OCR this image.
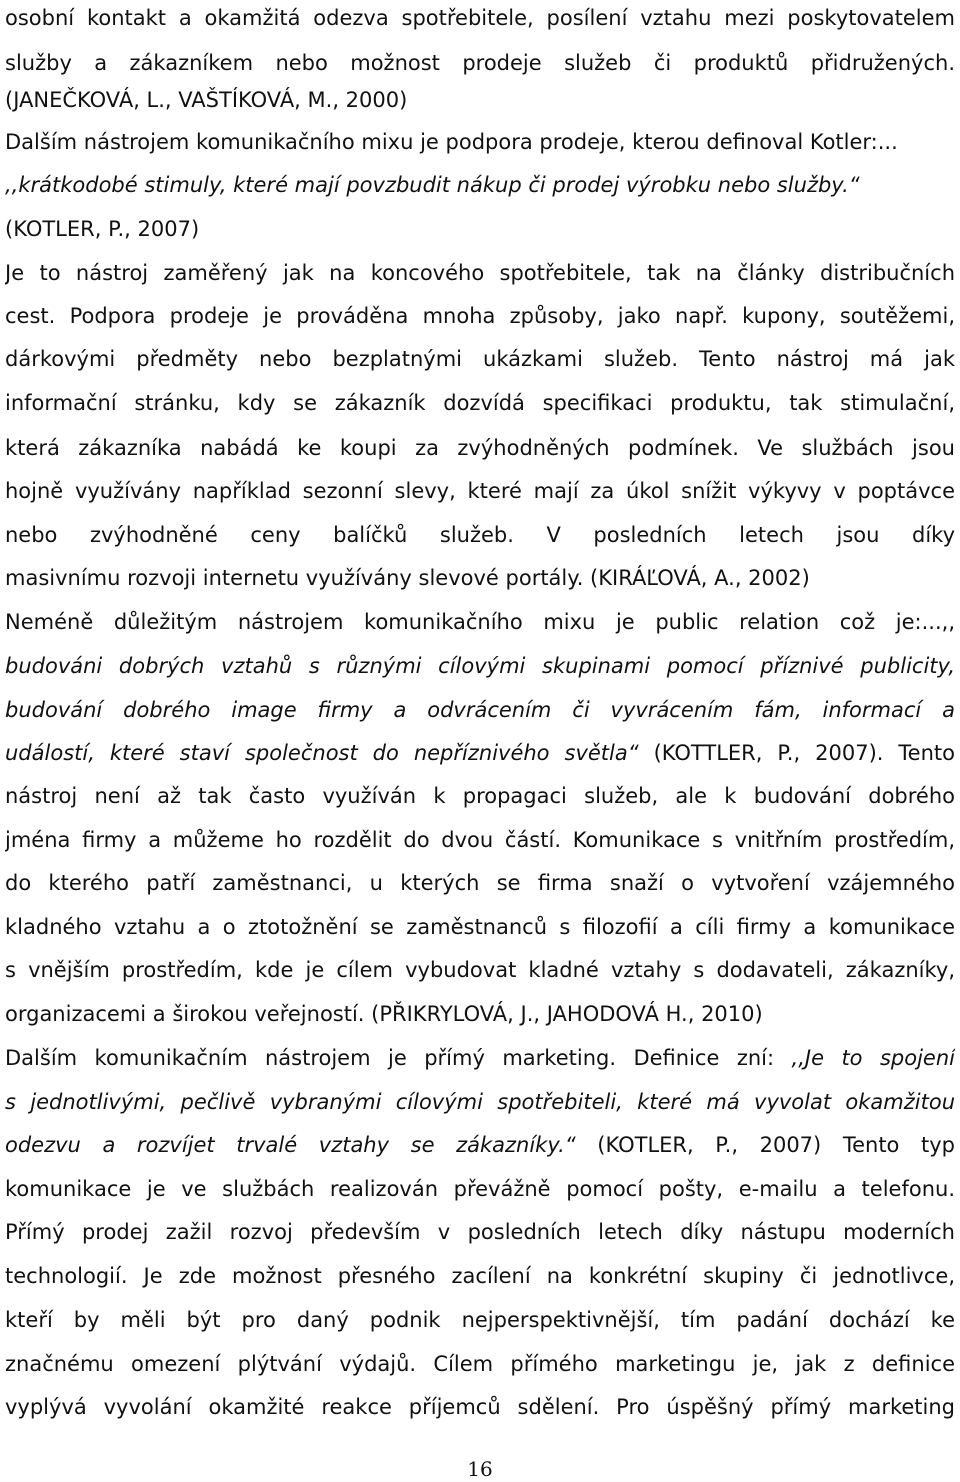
osobní kontakt a okamžitá odezva spotřebitele, posílení vztahu mezi poskytovatelem
služby a zákazníkem nebo možnost prodeje služeb či produktů přidružených.
(JANEČKOVÁ, L., VAŠTÍKOVÁ, M., 2000)
Dalším nástrojem komunikačního mixu je podpora prodeje, kterou definoval Kotler:...
,,krátkodobé stimuly, které mají povzbudit nákup či prodej výrobku nebo služby.“
(KOTLER, P., 2007)
Je to nástroj zaměřený jak na koncového spotřebitele, tak na články distribučních
cest. Podpora prodeje je prováděna mnoha způsoby, jako např. kupony, soutěžemi,
dárkovými předměty nebo bezplatnými ukázkami služeb. Tento nástroj má jak
informační stránku, kdy se zákazník dozvídá specifikaci produktu, tak stimulační,
která zákazníka nabádá ke koupi za zvýhodněných podmínek. Ve službách jsou
hojně využívány například sezonní slevy, které mají za úkol snížit výkyvy v poptávce
nebo zvýhodněné ceny balíčků služeb. V posledních letech jsou díky
masivnímu rozvoji internetu využívány slevové portály. (KIRÁĽOVÁ, A., 2002)
Neméně důležitým nástrojem komunikačního mixu je public relation což je:...,,
budováni dobrých vztahů s různými cílovými skupinami pomocí příznivé publicity,
budování dobrého image firmy a odvrácením či vyvrácením fám, informací a
událostí, které staví společnost do nepříznivého světla“ (KOTTLER, P., 2007). Tento
nástroj není až tak často využíván k propagaci služeb, ale k budování dobrého
jména firmy a můžeme ho rozdělit do dvou částí. Komunikace s vnitřním prostředím,
do kterého patří zaměstnanci, u kterých se firma snaží o vytvoření vzájemného
kladného vztahu a o ztotožnění se zaměstnanců s filozofií a cíli firmy a komunikace
s vnějším prostředím, kde je cílem vybudovat kladné vztahy s dodavateli, zákazníky,
organizacemi a širokou veřejností. (PŘIKRYLOVÁ, J., JAHODOVÁ H., 2010)
Dalším komunikačním nástrojem je přímý marketing. Definice zní: ,,Je to spojení
s jednotlivými, pečlivě vybranými cílovými spotřebiteli, které má vyvolat okamžitou
odezvu a rozvíjet trvalé vztahy se zákazníky.“ (KOTLER, P., 2007) Tento typ
komunikace je ve službách realizován převážně pomocí pošty, e-mailu a telefonu.
Přímý prodej zažil rozvoj především v posledních letech díky nástupu moderních
technologií. Je zde možnost přesného zacílení na konkrétní skupiny či jednotlivce,
kteří by měli být pro daný podnik nejperspektivnější, tím padání dochází ke
značnému omezení plýtvání výdajů. Cílem přímého marketingu je, jak z definice
vyplývá vyvolání okamžité reakce příjemců sdělení. Pro úspěšný přímý marketing
16
